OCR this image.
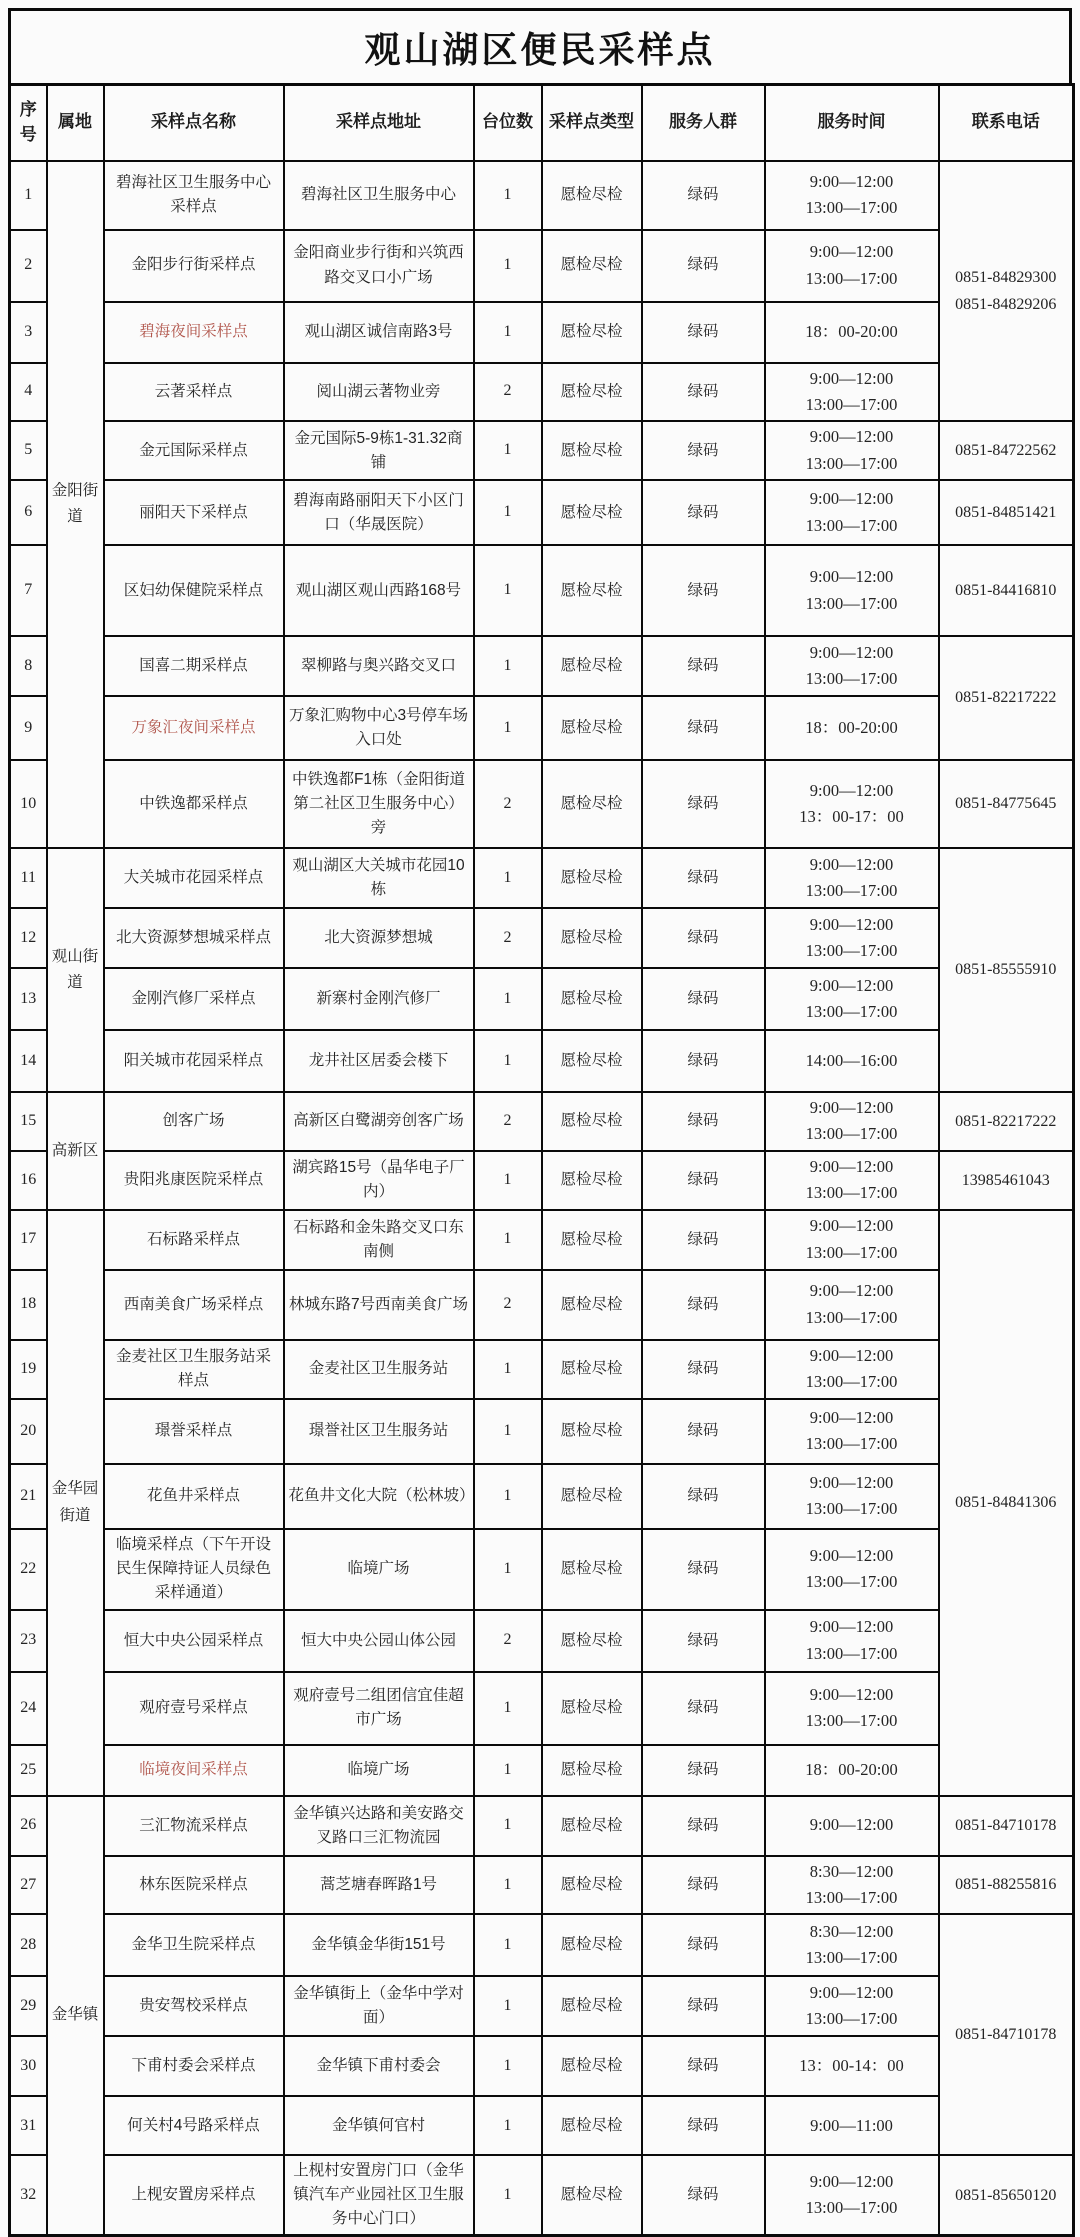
观山湖区便民采样点
序号	属地	采样点名称	采样点地址	台位数	采样点类型	服务人群	服务时间	联系电话
1	金阳街道	碧海社区卫生服务中心采样点	碧海社区卫生服务中心	1	愿检尽检	绿码	9:00—12:00
13:00—17:00	0851-84829300
0851-84829206
2		金阳步行街采样点	金阳商业步行街和兴筑西路交叉口小广场	1	愿检尽检	绿码	9:00—12:00
13:00—17:00	
3		碧海夜间采样点	观山湖区诚信南路3号	1	愿检尽检	绿码	18：00-20:00	
4		云著采样点	阅山湖云著物业旁	2	愿检尽检	绿码	9:00—12:00
13:00—17:00	
5		金元国际采样点	金元国际5-9栋1-31.32商铺	1	愿检尽检	绿码	9:00—12:00
13:00—17:00	0851-84722562
6		丽阳天下采样点	碧海南路丽阳天下小区门口（华晟医院）	1	愿检尽检	绿码	9:00—12:00
13:00—17:00	0851-84851421
7		区妇幼保健院采样点	观山湖区观山西路168号	1	愿检尽检	绿码	9:00—12:00
13:00—17:00	0851-84416810
8		国喜二期采样点	翠柳路与奥兴路交叉口	1	愿检尽检	绿码	9:00—12:00
13:00—17:00	0851-82217222
9		万象汇夜间采样点	万象汇购物中心3号停车场入口处	1	愿检尽检	绿码	18：00-20:00	
10		中铁逸都采样点	中铁逸都F1栋（金阳街道第二社区卫生服务中心）旁	2	愿检尽检	绿码	9:00—12:00
13：00-17：00	0851-84775645
11	观山街道	大关城市花园采样点	观山湖区大关城市花园10栋	1	愿检尽检	绿码	9:00—12:00
13:00—17:00	0851-85555910
12		北大资源梦想城采样点	北大资源梦想城	2	愿检尽检	绿码	9:00—12:00
13:00—17:00	
13		金刚汽修厂采样点	新寨村金刚汽修厂	1	愿检尽检	绿码	9:00—12:00
13:00—17:00	
14		阳关城市花园采样点	龙井社区居委会楼下	1	愿检尽检	绿码	14:00—16:00	
15	高新区	创客广场	高新区白鹭湖旁创客广场	2	愿检尽检	绿码	9:00—12:00
13:00—17:00	0851-82217222
16		贵阳兆康医院采样点	湖宾路15号（晶华电子厂内）	1	愿检尽检	绿码	9:00—12:00
13:00—17:00	13985461043
17	金华园街道	石标路采样点	石标路和金朱路交叉口东南侧	1	愿检尽检	绿码	9:00—12:00
13:00—17:00	0851-84841306
18		西南美食广场采样点	林城东路7号西南美食广场	2	愿检尽检	绿码	9:00—12:00
13:00—17:00	
19		金麦社区卫生服务站采样点	金麦社区卫生服务站	1	愿检尽检	绿码	9:00—12:00
13:00—17:00	
20		璟誉采样点	璟誉社区卫生服务站	1	愿检尽检	绿码	9:00—12:00
13:00—17:00	
21		花鱼井采样点	花鱼井文化大院（松林坡）	1	愿检尽检	绿码	9:00—12:00
13:00—17:00	
22		临境采样点（下午开设民生保障持证人员绿色采样通道）	临境广场	1	愿检尽检	绿码	9:00—12:00
13:00—17:00	
23		恒大中央公园采样点	恒大中央公园山体公园	2	愿检尽检	绿码	9:00—12:00
13:00—17:00	
24		观府壹号采样点	观府壹号二组团信宜佳超市广场	1	愿检尽检	绿码	9:00—12:00
13:00—17:00	
25		临境夜间采样点	临境广场	1	愿检尽检	绿码	18：00-20:00	
26	金华镇	三汇物流采样点	金华镇兴达路和美安路交叉路口三汇物流园	1	愿检尽检	绿码	9:00—12:00	0851-84710178
27		林东医院采样点	蒿芝塘春晖路1号	1	愿检尽检	绿码	8:30—12:00
13:00—17:00	0851-88255816
28		金华卫生院采样点	金华镇金华街151号	1	愿检尽检	绿码	8:30—12:00
13:00—17:00	0851-84710178
29		贵安驾校采样点	金华镇街上（金华中学对面）	1	愿检尽检	绿码	9:00—12:00
13:00—17:00	
30		下甫村委会采样点	金华镇下甫村委会	1	愿检尽检	绿码	13：00-14：00	
31		何关村4号路采样点	金华镇何官村	1	愿检尽检	绿码	9:00—11:00	
32		上枧安置房采样点	上枧村安置房门口（金华镇汽车产业园社区卫生服务中心门口）	1	愿检尽检	绿码	9:00—12:00
13:00—17:00	0851-85650120
